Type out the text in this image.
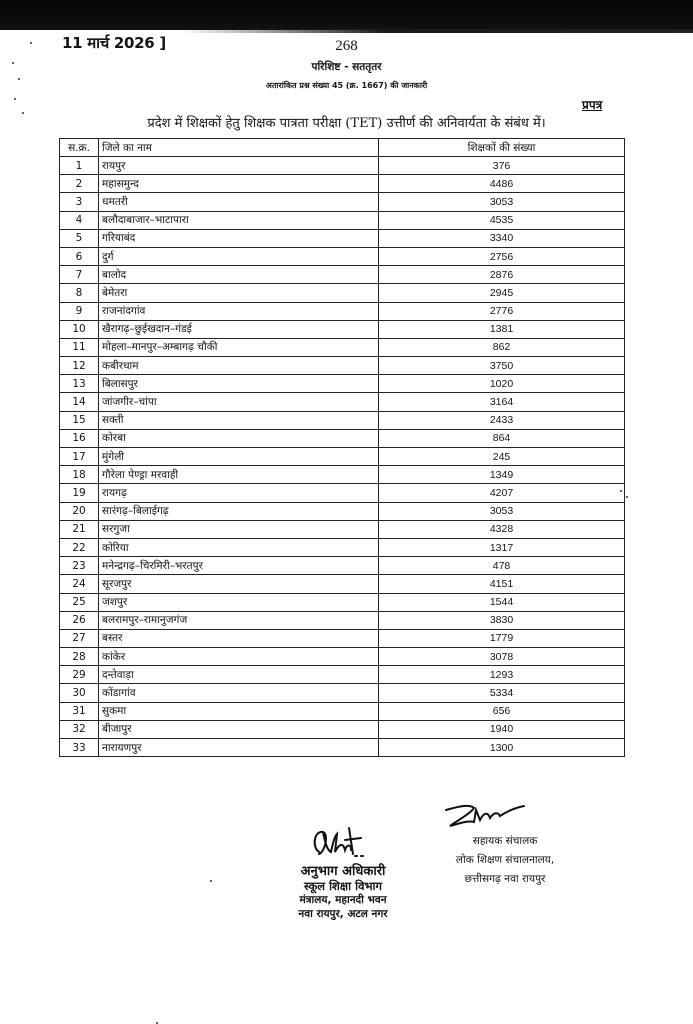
11 मार्च 2026 ]	268
परिशिष्ट - सततृतर
अतारांकित प्रश्न संख्या 45 (क्र. 1667) की जानकारी
प्रपत्र
प्रदेश में शिक्षकों हेतु शिक्षक पात्रता परीक्षा (TET) उत्तीर्ण की अनिवार्यता के संबंध में।
स.क्र.	जिले का नाम	शिक्षकों की संख्या
1	रायपुर	376
2	महासमुन्द	4486
3	धमतरी	3053
4	बलौदाबाजार–भाटापारा	4535
5	गरियाबंद	3340
6	दुर्ग	2756
7	बालोद	2876
8	बेमेतरा	2945
9	राजनांदगांव	2776
10	खैरागढ़–छुईखदान–गंडई	1381
11	मोहला–मानपुर–अम्बागढ़ चौकी	862
12	कबीरधाम	3750
13	बिलासपुर	1020
14	जांजगीर–चांपा	3164
15	सक्ती	2433
16	कोरबा	864
17	मुंगेली	245
18	गौरेला पेण्ड्रा मरवाही	1349
19	रायगढ़	4207
20	सारंगढ़–बिलाईगढ़	3053
21	सरगुजा	4328
22	कोरिया	1317
23	मनेन्द्रगढ़–चिरमिरी–भरतपुर	478
24	सूरजपुर	4151
25	जशपुर	1544
26	बलरामपुर–रामानुजगंज	3830
27	बस्तर	1779
28	कांकेर	3078
29	दन्तेवाड़ा	1293
30	कोंडागांव	5334
31	सुकमा	656
32	बीजापुर	1940
33	नारायणपुर	1300
अनुभाग अधिकारी
स्कूल शिक्षा विभाग
मंत्रालय, महानदी भवन
नवा रायपुर, अटल नगर
सहायक संचालक
लोक शिक्षण संचालनालय,
छत्तीसगढ़ नवा रायपुर
